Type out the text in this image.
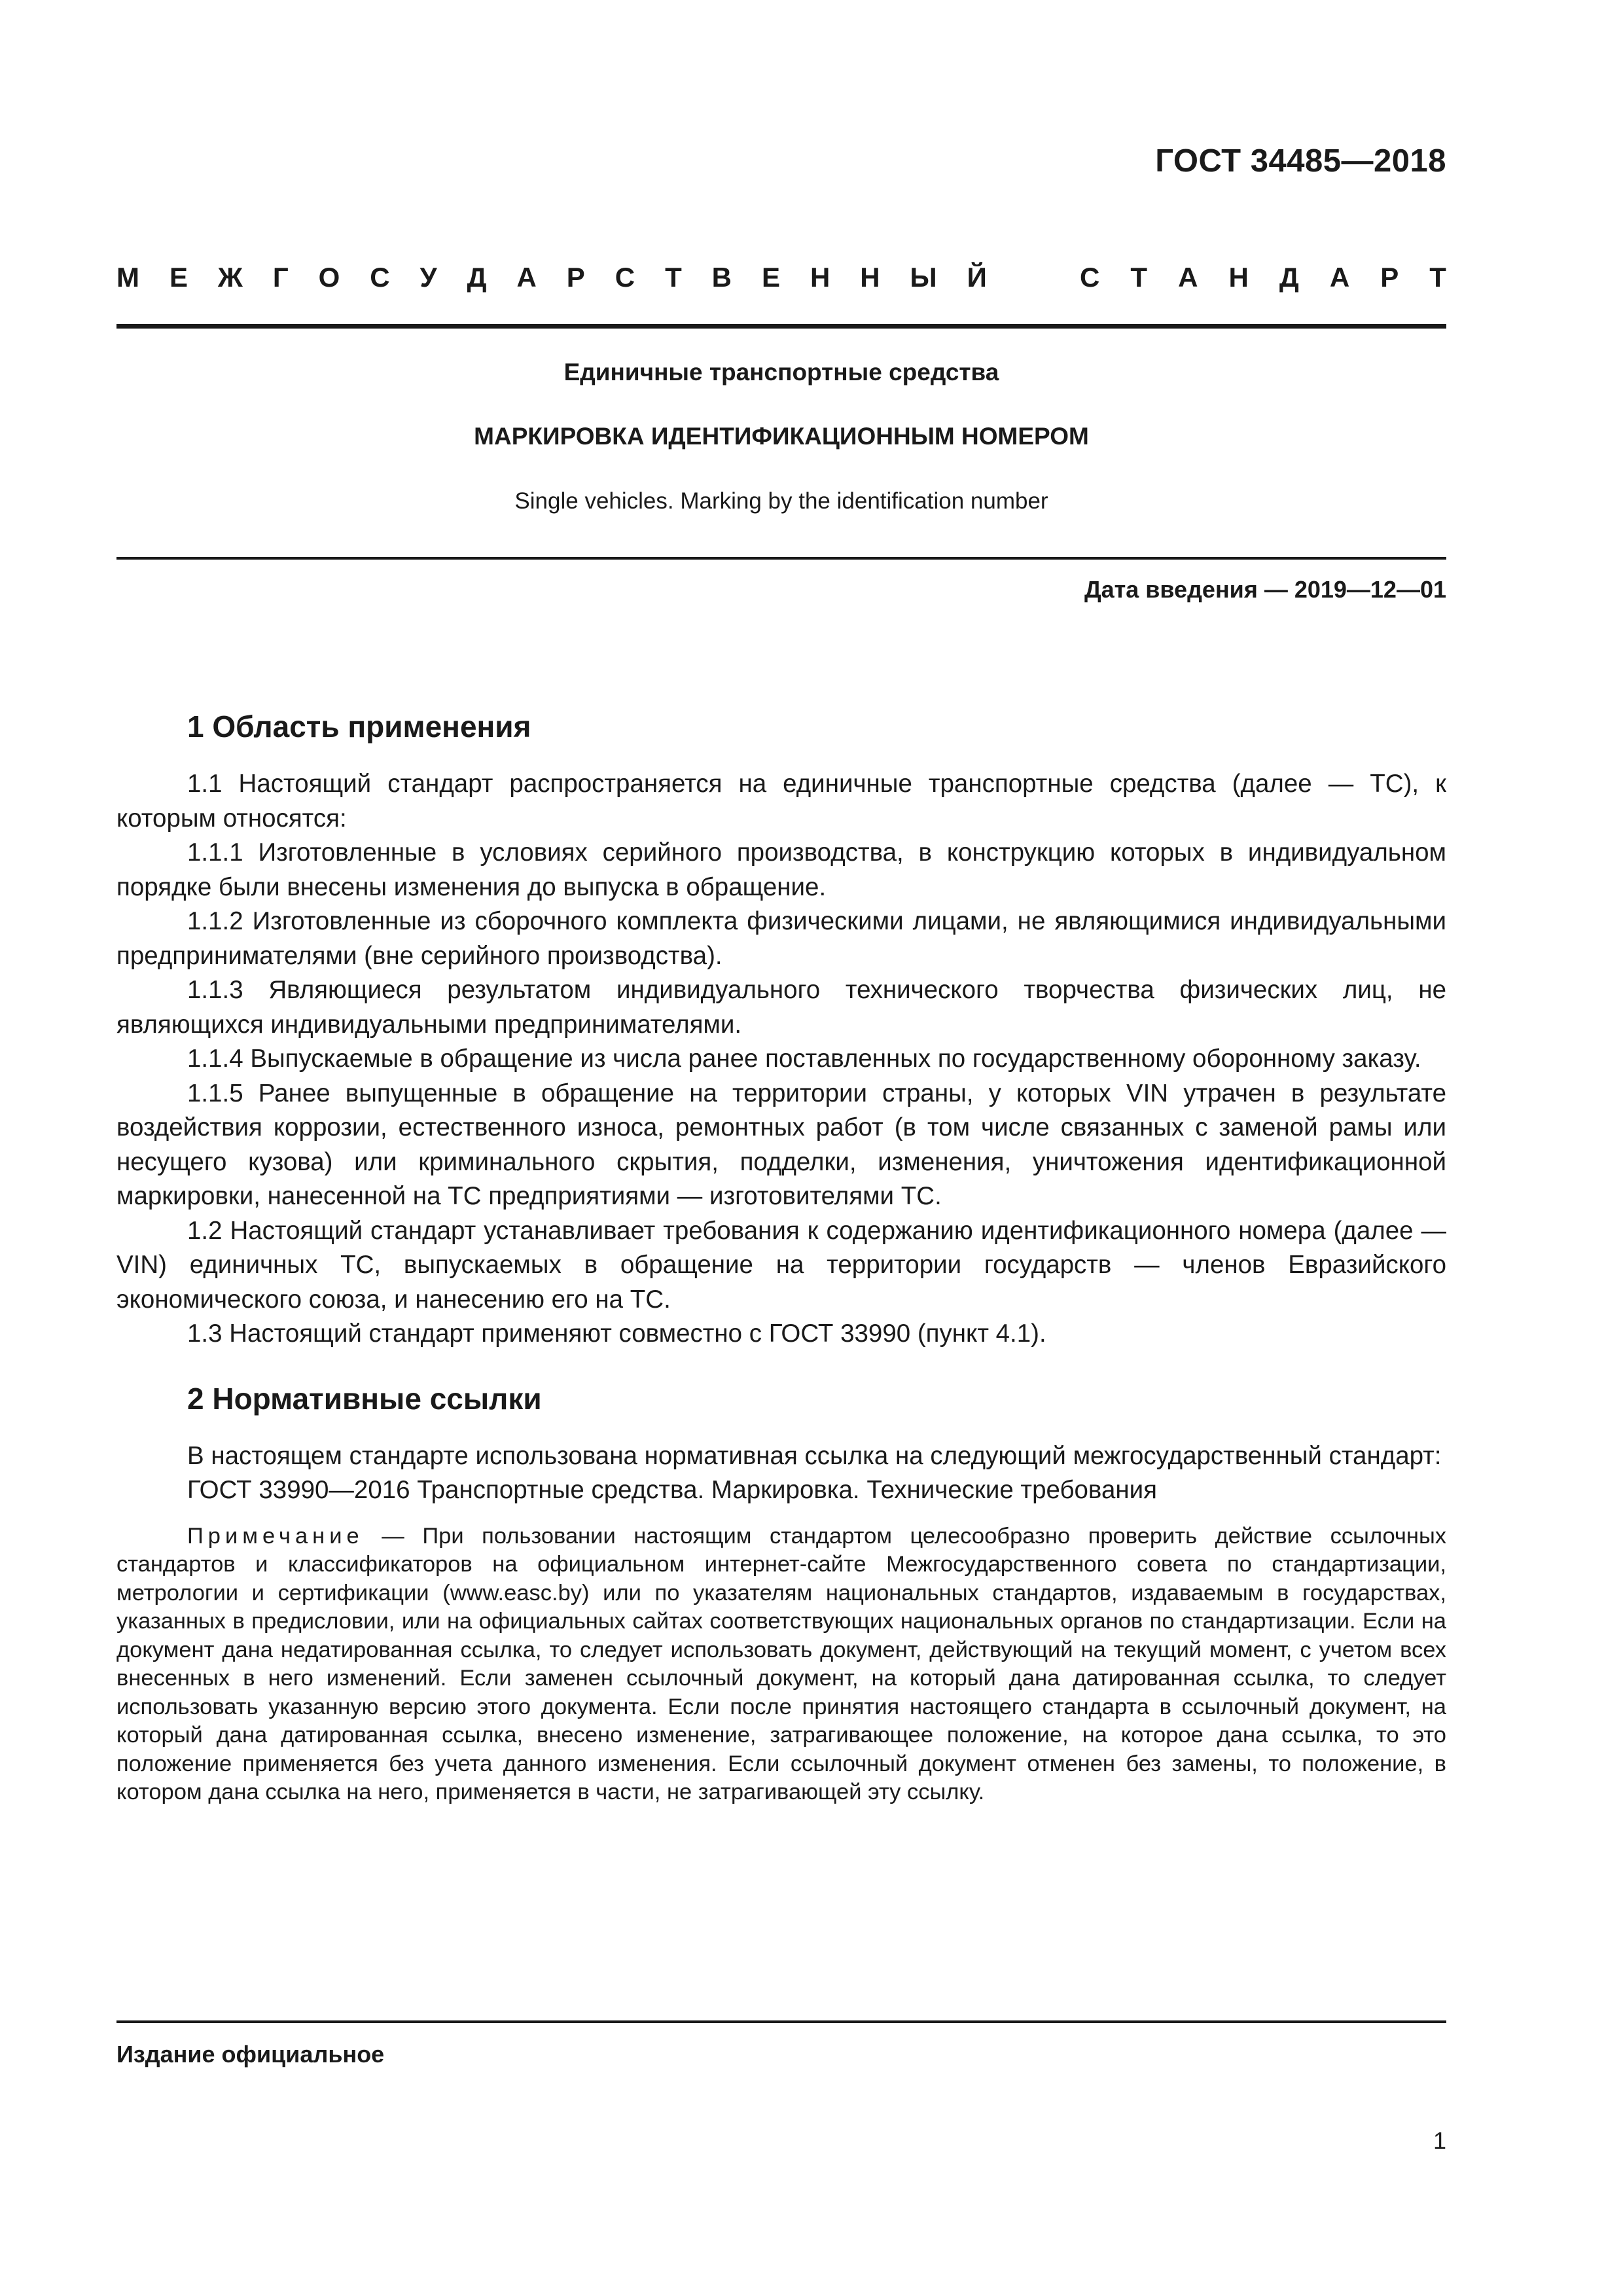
ГОСТ 34485—2018
М Е Ж Г О С У Д А Р С Т В Е Н Н Ы Й	С Т А Н Д А Р Т
Единичные транспортные средства
МАРКИРОВКА ИДЕНТИФИКАЦИОННЫМ НОМЕРОМ
Single vehicles. Marking by the identification number
Дата введения — 2019—12—01
1 Область применения

1.1 Настоящий стандарт распространяется на единичные транспортные средства (далее — ТС), к которым относятся:

1.1.1 Изготовленные в условиях серийного производства, в конструкцию которых в индивидуальном порядке были внесены изменения до выпуска в обращение.

1.1.2 Изготовленные из сборочного комплекта физическими лицами, не являющимися индивидуальными предпринимателями (вне серийного производства).

1.1.3 Являющиеся результатом индивидуального технического творчества физических лиц, не являющихся индивидуальными предпринимателями.

1.1.4 Выпускаемые в обращение из числа ранее поставленных по государственному оборонному заказу.

1.1.5 Ранее выпущенные в обращение на территории страны, у которых VIN утрачен в результате воздействия коррозии, естественного износа, ремонтных работ (в том числе связанных с заменой рамы или несущего кузова) или криминального скрытия, подделки, изменения, уничтожения идентификационной маркировки, нанесенной на ТС предприятиями — изготовителями ТС.

1.2 Настоящий стандарт устанавливает требования к содержанию идентификационного номера (далее — VIN) единичных ТС, выпускаемых в обращение на территории государств — членов Евразийского экономического союза, и нанесению его на ТС.

1.3 Настоящий стандарт применяют совместно с ГОСТ 33990 (пункт 4.1).

2 Нормативные ссылки

В настоящем стандарте использована нормативная ссылка на следующий межгосударственный стандарт:

ГОСТ 33990—2016 Транспортные средства. Маркировка. Технические требования

Примечание — При пользовании настоящим стандартом целесообразно проверить действие ссылочных стандартов и классификаторов на официальном интернет-сайте Межгосударственного совета по стандартизации, метрологии и сертификации (www.easc.by) или по указателям национальных стандартов, издаваемым в государствах, указанных в предисловии, или на официальных сайтах соответствующих национальных органов по стандартизации. Если на документ дана недатированная ссылка, то следует использовать документ, действующий на текущий момент, с учетом всех внесенных в него изменений. Если заменен ссылочный документ, на который дана датированная ссылка, то следует использовать указанную версию этого документа. Если после принятия настоящего стандарта в ссылочный документ, на который дана датированная ссылка, внесено изменение, затрагивающее положение, на которое дана ссылка, то это положение применяется без учета данного изменения. Если ссылочный документ отменен без замены, то положение, в котором дана ссылка на него, применяется в части, не затрагивающей эту ссылку.

Издание официальное
1
